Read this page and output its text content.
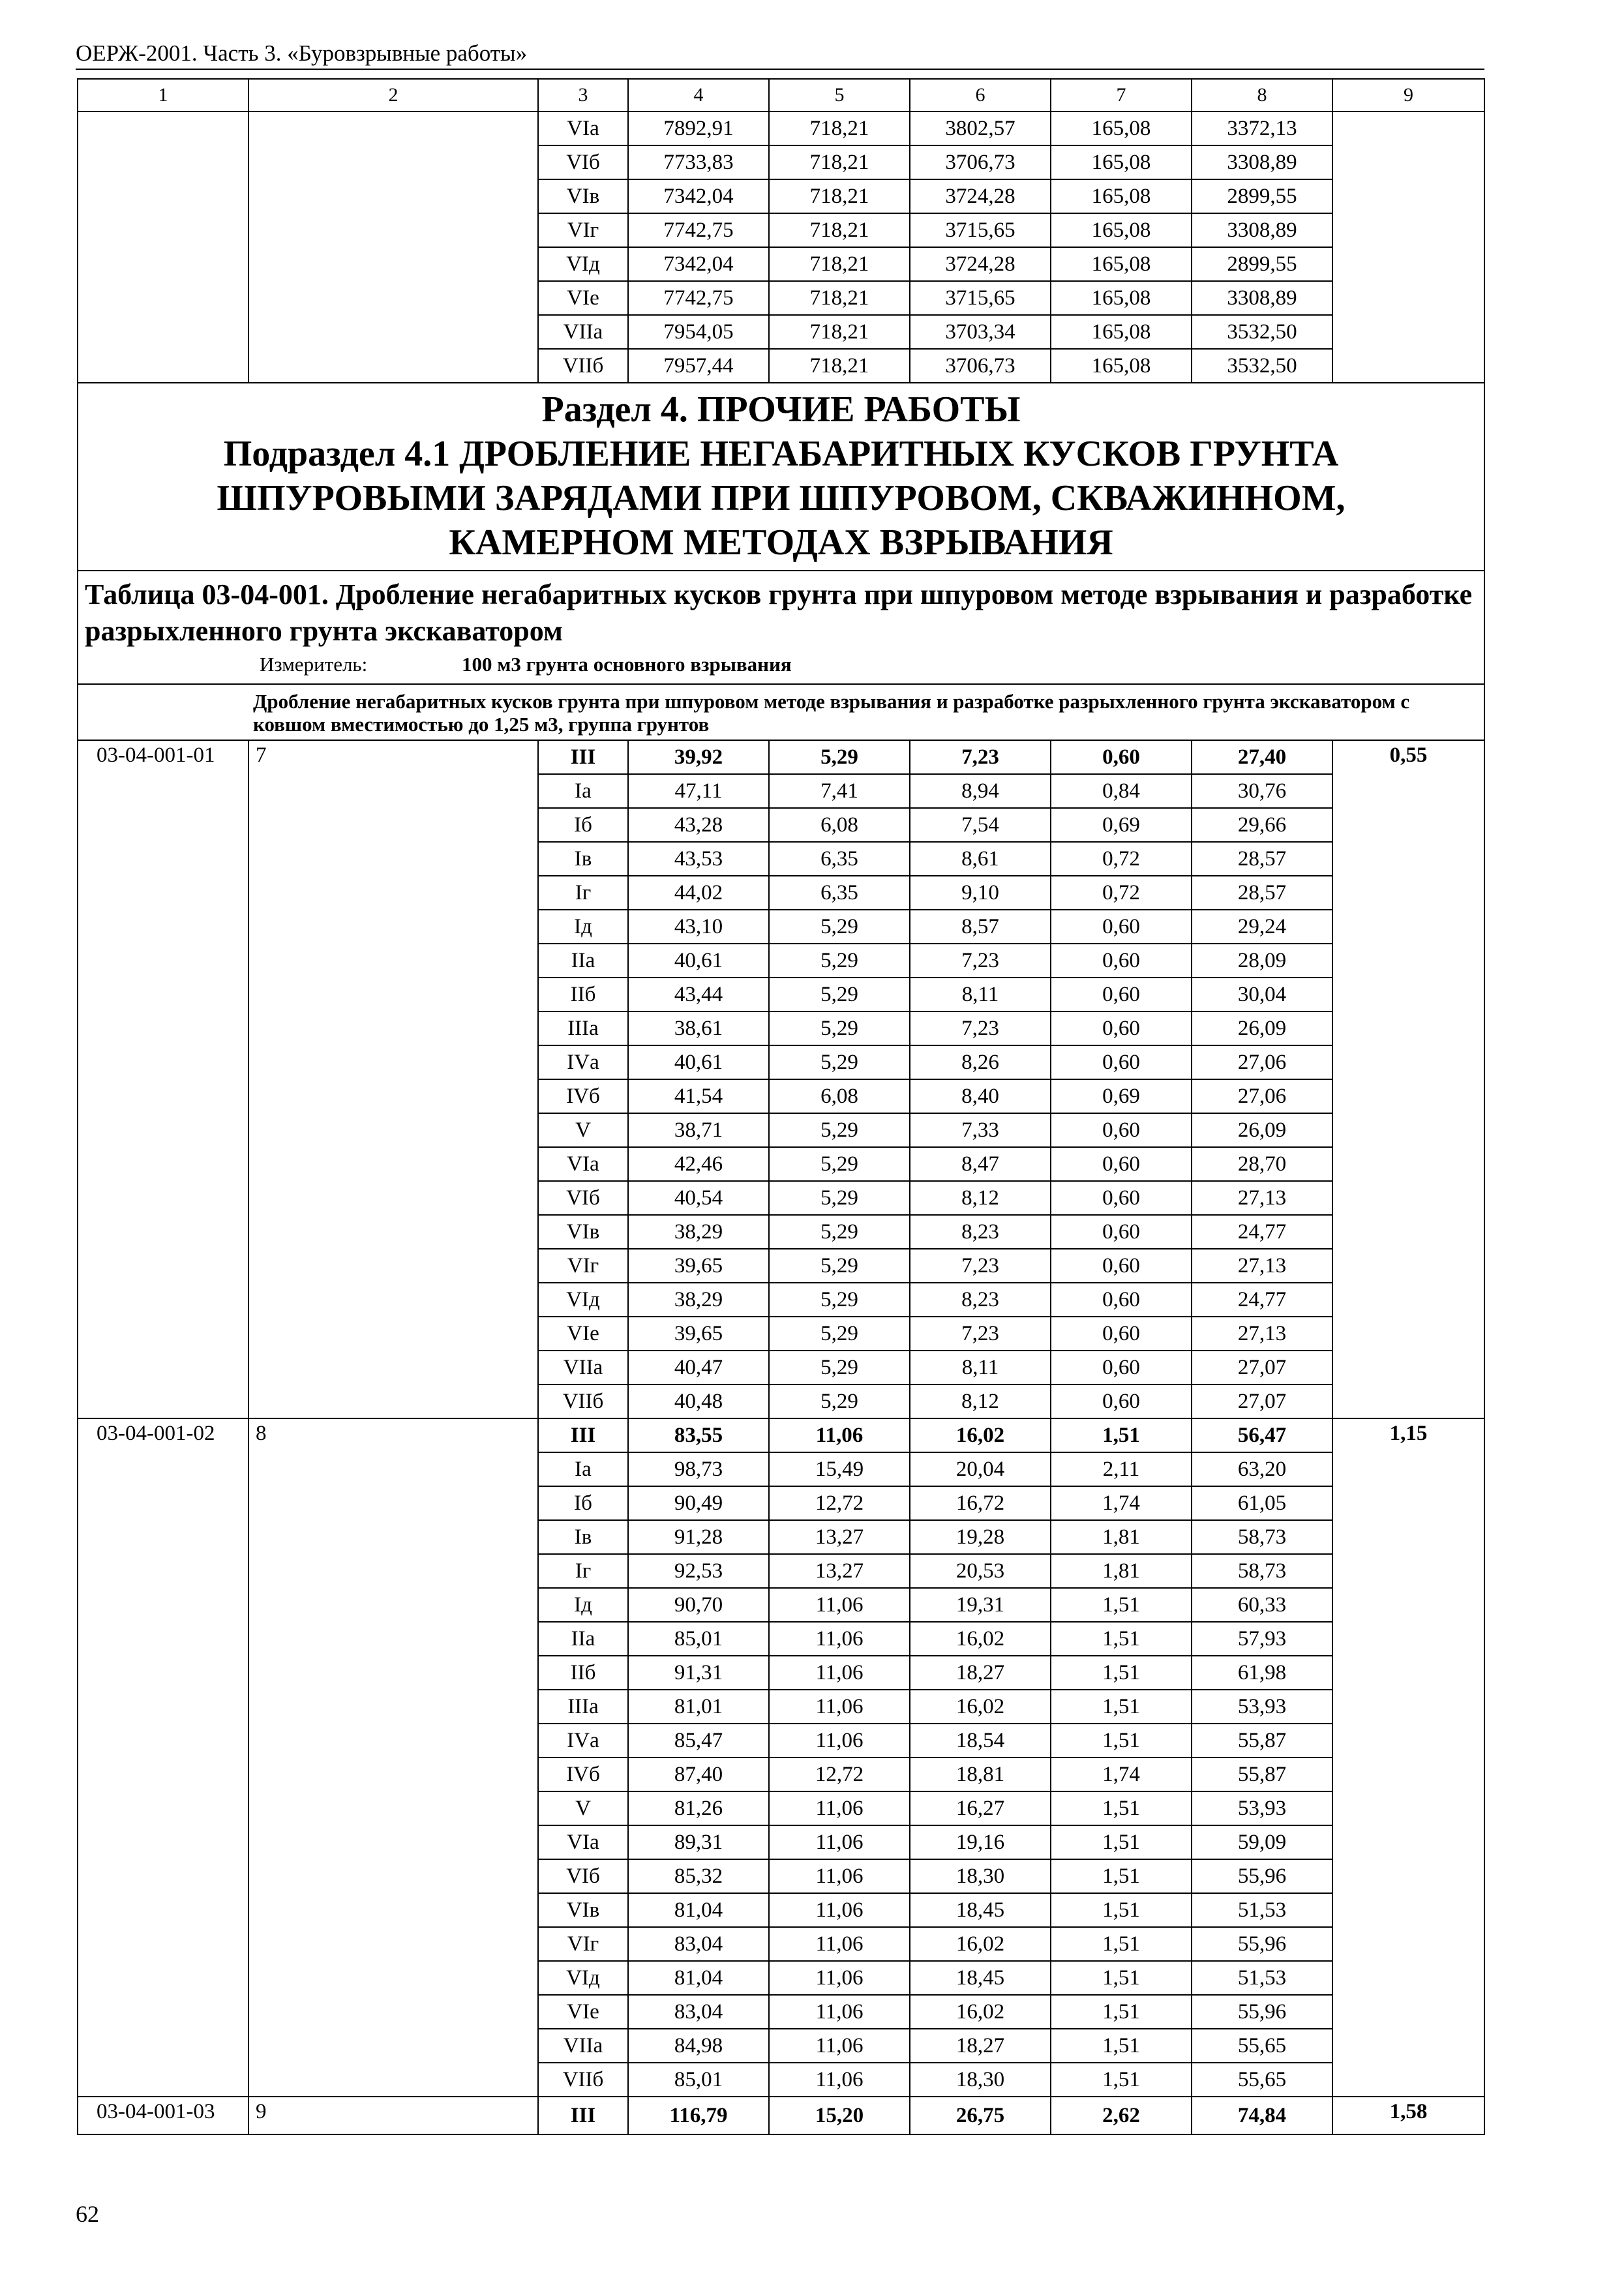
ОЕРЖ-2001. Часть 3. «Буровзрывные работы»
1	2	3	4	5	6	7	8	9
		VIа	7892,91	718,21	3802,57	165,08	3372,13	
		VIб	7733,83	718,21	3706,73	165,08	3308,89	
		VIв	7342,04	718,21	3724,28	165,08	2899,55	
		VIг	7742,75	718,21	3715,65	165,08	3308,89	
		VIд	7342,04	718,21	3724,28	165,08	2899,55	
		VIе	7742,75	718,21	3715,65	165,08	3308,89	
		VIIа	7954,05	718,21	3703,34	165,08	3532,50	
		VIIб	7957,44	718,21	3706,73	165,08	3532,50	

Раздел 4. ПРОЧИЕ РАБОТЫ
Подраздел 4.1 ДРОБЛЕНИЕ НЕГАБАРИТНЫХ КУСКОВ ГРУНТА ШПУРОВЫМИ ЗАРЯДАМИ ПРИ ШПУРОВОМ, СКВАЖИННОМ, КАМЕРНОМ МЕТОДАХ ВЗРЫВАНИЯ								

Таблица 03-04-001. Дробление негабаритных кусков грунта при шпуровом методе взрывания и разработке разрыхленного грунта экскаватором
Измеритель: 100 м3 грунта основного взрывания								

Дробление негабаритных кусков грунта при шпуровом методе взрывания и разработке разрыхленного грунта экскаватором с ковшом вместимостью до 1,25 м3, группа грунтов								
03-04-001-01	7	III	39,92	5,29	7,23	0,60	27,40	0,55
		Iа	47,11	7,41	8,94	0,84	30,76	
		Iб	43,28	6,08	7,54	0,69	29,66	
		Iв	43,53	6,35	8,61	0,72	28,57	
		Iг	44,02	6,35	9,10	0,72	28,57	
		Iд	43,10	5,29	8,57	0,60	29,24	
		IIа	40,61	5,29	7,23	0,60	28,09	
		IIб	43,44	5,29	8,11	0,60	30,04	
		IIIа	38,61	5,29	7,23	0,60	26,09	
		IVа	40,61	5,29	8,26	0,60	27,06	
		IVб	41,54	6,08	8,40	0,69	27,06	
		V	38,71	5,29	7,33	0,60	26,09	
		VIа	42,46	5,29	8,47	0,60	28,70	
		VIб	40,54	5,29	8,12	0,60	27,13	
		VIв	38,29	5,29	8,23	0,60	24,77	
		VIг	39,65	5,29	7,23	0,60	27,13	
		VIд	38,29	5,29	8,23	0,60	24,77	
		VIе	39,65	5,29	7,23	0,60	27,13	
		VIIа	40,47	5,29	8,11	0,60	27,07	
		VIIб	40,48	5,29	8,12	0,60	27,07	
03-04-001-02	8	III	83,55	11,06	16,02	1,51	56,47	1,15
		Iа	98,73	15,49	20,04	2,11	63,20	
		Iб	90,49	12,72	16,72	1,74	61,05	
		Iв	91,28	13,27	19,28	1,81	58,73	
		Iг	92,53	13,27	20,53	1,81	58,73	
		Iд	90,70	11,06	19,31	1,51	60,33	
		IIа	85,01	11,06	16,02	1,51	57,93	
		IIб	91,31	11,06	18,27	1,51	61,98	
		IIIа	81,01	11,06	16,02	1,51	53,93	
		IVа	85,47	11,06	18,54	1,51	55,87	
		IVб	87,40	12,72	18,81	1,74	55,87	
		V	81,26	11,06	16,27	1,51	53,93	
		VIа	89,31	11,06	19,16	1,51	59,09	
		VIб	85,32	11,06	18,30	1,51	55,96	
		VIв	81,04	11,06	18,45	1,51	51,53	
		VIг	83,04	11,06	16,02	1,51	55,96	
		VIд	81,04	11,06	18,45	1,51	51,53	
		VIе	83,04	11,06	16,02	1,51	55,96	
		VIIа	84,98	11,06	18,27	1,51	55,65	
		VIIб	85,01	11,06	18,30	1,51	55,65	
03-04-001-03	9	III	116,79	15,20	26,75	2,62	74,84	1,58
62
